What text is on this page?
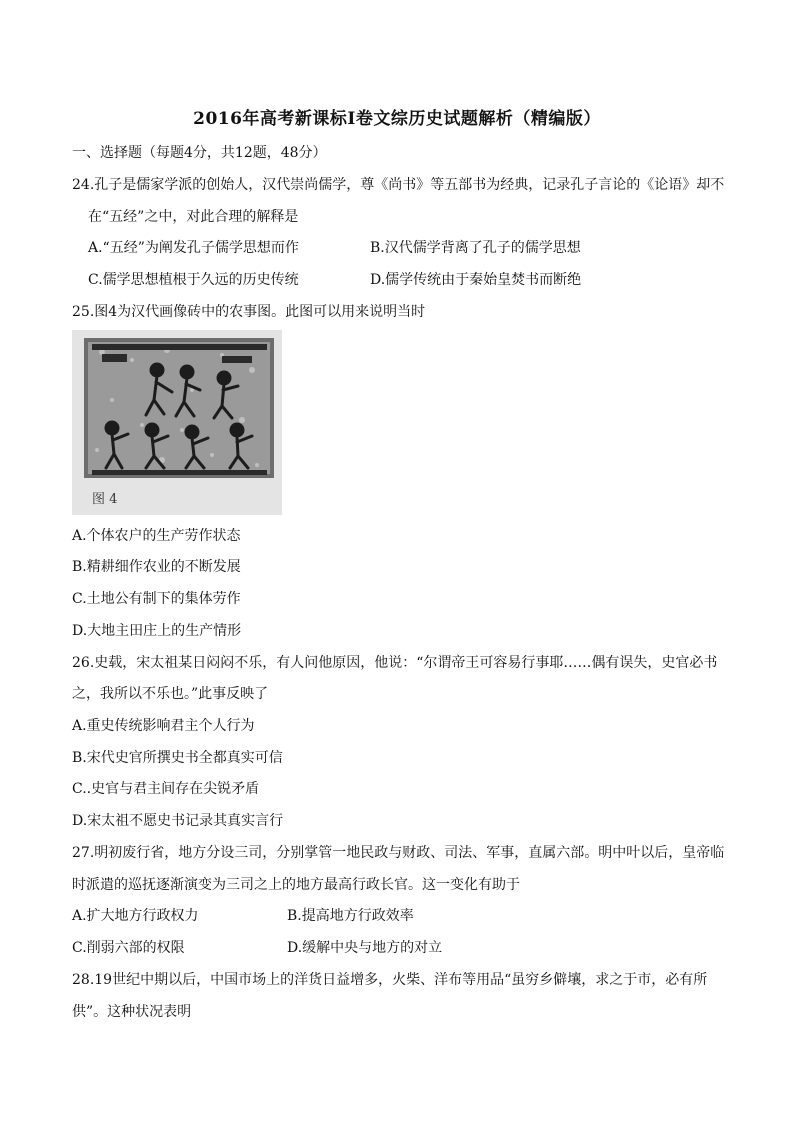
2016年高考新课标Ⅰ卷文综历史试题解析（精编版）
一、选择题（每题4分，共12题，48分）
24.孔子是儒家学派的创始人，汉代崇尚儒学，尊《尚书》等五部书为经典，记录孔子言论的《论语》却不
在“五经”之中，对此合理的解释是
A.“五经”为阐发孔子儒学思想而作	B.汉代儒学背离了孔子的儒学思想
C.儒学思想植根于久远的历史传统	D.儒学传统由于秦始皇焚书而断绝
25.图4为汉代画像砖中的农事图。此图可以用来说明当时
图 4
A.个体农户的生产劳作状态
B.精耕细作农业的不断发展
C.土地公有制下的集体劳作
D.大地主田庄上的生产情形
26.史载，宋太祖某日闷闷不乐，有人问他原因，他说：“尔谓帝王可容易行事耶……偶有误失，史官必书
之，我所以不乐也。”此事反映了
A.重史传统影响君主个人行为
B.宋代史官所撰史书全都真实可信
C..史官与君主间存在尖锐矛盾
D.宋太祖不愿史书记录其真实言行
27.明初废行省，地方分设三司，分别掌管一地民政与财政、司法、军事，直属六部。明中叶以后，皇帝临
时派遣的巡抚逐渐演变为三司之上的地方最高行政长官。这一变化有助于
A.扩大地方行政权力	B.提高地方行政效率
C.削弱六部的权限	D.缓解中央与地方的对立
28.19世纪中期以后，中国市场上的洋货日益增多，火柴、洋布等用品“虽穷乡僻壤，求之于市，必有所
供”。这种状况表明
